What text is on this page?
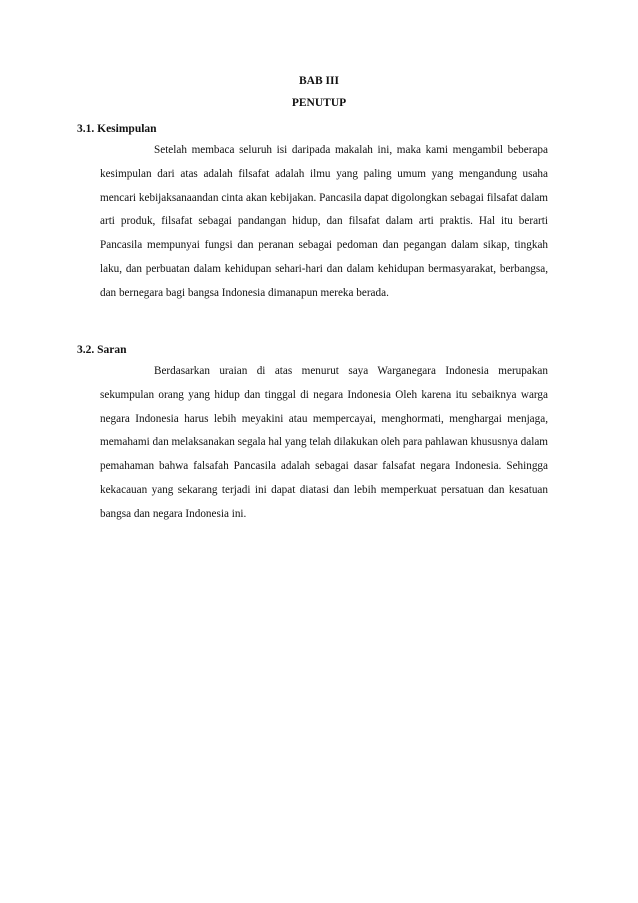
BAB III
PENUTUP
3.1. Kesimpulan

Setelah membaca seluruh isi daripada makalah ini, maka kami mengambil beberapa kesimpulan dari atas adalah filsafat adalah ilmu yang paling umum yang mengandung usaha mencari kebijaksanaandan cinta akan kebijakan. Pancasila dapat digolongkan sebagai filsafat dalam arti produk, filsafat sebagai pandangan hidup, dan filsafat dalam arti praktis. Hal itu berarti Pancasila mempunyai fungsi dan peranan sebagai pedoman dan pegangan dalam sikap, tingkah laku, dan perbuatan dalam kehidupan sehari-hari dan dalam kehidupan bermasyarakat, berbangsa, dan bernegara bagi bangsa Indonesia dimanapun mereka berada.

3.2. Saran

Berdasarkan uraian di atas menurut saya Warganegara Indonesia merupakan sekumpulan orang yang hidup dan tinggal di negara Indonesia Oleh karena itu sebaiknya warga negara Indonesia harus lebih meyakini atau mempercayai, menghormati, menghargai menjaga, memahami dan melaksanakan segala hal yang telah dilakukan oleh para pahlawan khususnya dalam pemahaman bahwa falsafah Pancasila adalah sebagai dasar falsafat negara Indonesia. Sehingga kekacauan yang sekarang terjadi ini dapat diatasi dan lebih memperkuat persatuan dan kesatuan bangsa dan negara Indonesia ini.
